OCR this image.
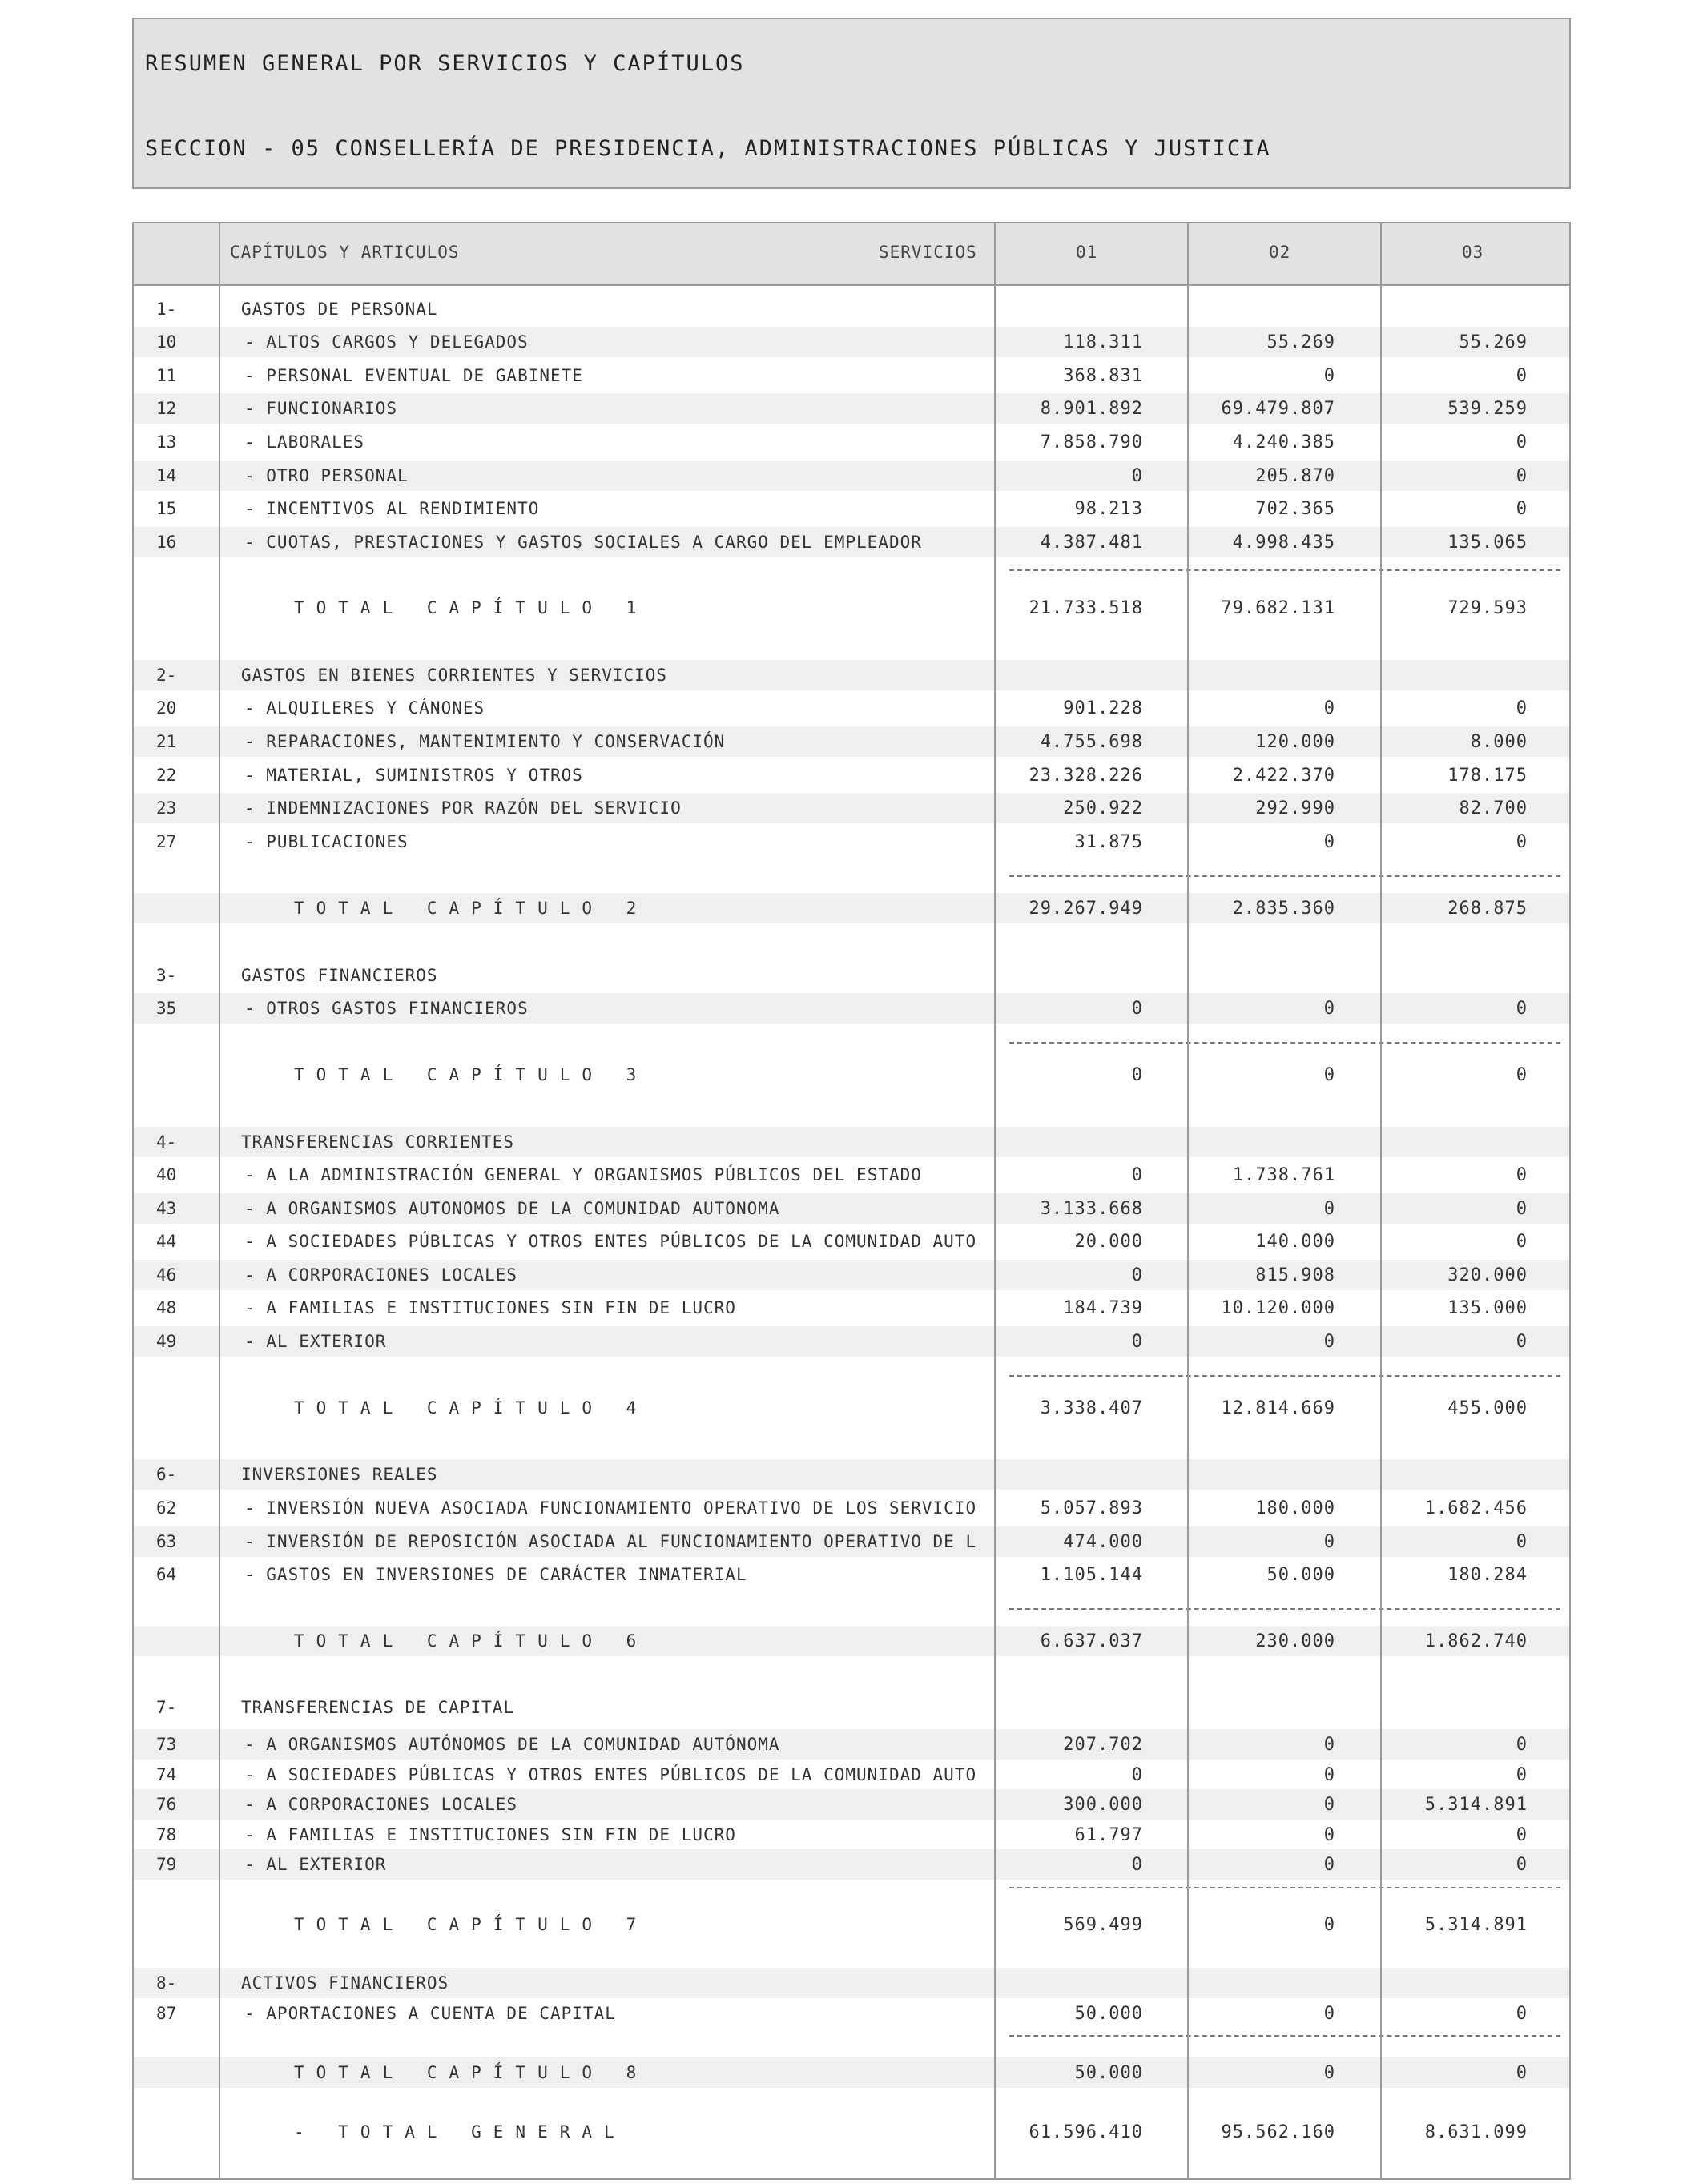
RESUMEN GENERAL POR SERVICIOS Y CAPÍTULOS
SECCION - 05 CONSELLERÍA DE PRESIDENCIA, ADMINISTRACIONES PÚBLICAS Y JUSTICIA
CAPÍTULOS Y ARTICULOS	SERVICIOS	01	02	03
1-	GASTOS DE PERSONAL
10	- ALTOS CARGOS Y DELEGADOS	118.311	55.269	55.269
11	- PERSONAL EVENTUAL DE GABINETE	368.831	0	0
12	- FUNCIONARIOS	8.901.892	69.479.807	539.259
13	- LABORALES	7.858.790	4.240.385	0
14	- OTRO PERSONAL	0	205.870	0
15	- INCENTIVOS AL RENDIMIENTO	98.213	702.365	0
16	- CUOTAS, PRESTACIONES Y GASTOS SOCIALES A CARGO DEL EMPLEADOR	4.387.481	4.998.435	135.065
TOTAL CAPÍTULO 1	21.733.518	79.682.131	729.593
2-	GASTOS EN BIENES CORRIENTES Y SERVICIOS
20	- ALQUILERES Y CÁNONES	901.228	0	0
21	- REPARACIONES, MANTENIMIENTO Y CONSERVACIÓN	4.755.698	120.000	8.000
22	- MATERIAL, SUMINISTROS Y OTROS	23.328.226	2.422.370	178.175
23	- INDEMNIZACIONES POR RAZÓN DEL SERVICIO	250.922	292.990	82.700
27	- PUBLICACIONES	31.875	0	0
TOTAL CAPÍTULO 2	29.267.949	2.835.360	268.875
3-	GASTOS FINANCIEROS
35	- OTROS GASTOS FINANCIEROS	0	0	0
TOTAL CAPÍTULO 3	0	0	0
4-	TRANSFERENCIAS CORRIENTES
40	- A LA ADMINISTRACIÓN GENERAL Y ORGANISMOS PÚBLICOS DEL ESTADO	0	1.738.761	0
43	- A ORGANISMOS AUTONOMOS DE LA COMUNIDAD AUTONOMA	3.133.668	0	0
44	- A SOCIEDADES PÚBLICAS Y OTROS ENTES PÚBLICOS DE LA COMUNIDAD AUTO	20.000	140.000	0
46	- A CORPORACIONES LOCALES	0	815.908	320.000
48	- A FAMILIAS E INSTITUCIONES SIN FIN DE LUCRO	184.739	10.120.000	135.000
49	- AL EXTERIOR	0	0	0
TOTAL CAPÍTULO 4	3.338.407	12.814.669	455.000
6-	INVERSIONES REALES
62	- INVERSIÓN NUEVA ASOCIADA FUNCIONAMIENTO OPERATIVO DE LOS SERVICIO	5.057.893	180.000	1.682.456
63	- INVERSIÓN DE REPOSICIÓN ASOCIADA AL FUNCIONAMIENTO OPERATIVO DE L	474.000	0	0
64	- GASTOS EN INVERSIONES DE CARÁCTER INMATERIAL	1.105.144	50.000	180.284
TOTAL CAPÍTULO 6	6.637.037	230.000	1.862.740
7-	TRANSFERENCIAS DE CAPITAL
73	- A ORGANISMOS AUTÓNOMOS DE LA COMUNIDAD AUTÓNOMA	207.702	0	0
74	- A SOCIEDADES PÚBLICAS Y OTROS ENTES PÚBLICOS DE LA COMUNIDAD AUTO	0	0	0
76	- A CORPORACIONES LOCALES	300.000	0	5.314.891
78	- A FAMILIAS E INSTITUCIONES SIN FIN DE LUCRO	61.797	0	0
79	- AL EXTERIOR	0	0	0
TOTAL CAPÍTULO 7	569.499	0	5.314.891
8-	ACTIVOS FINANCIEROS
87	- APORTACIONES A CUENTA DE CAPITAL	50.000	0	0
TOTAL CAPÍTULO 8	50.000	0	0
- TOTAL GENERAL	61.596.410	95.562.160	8.631.099
